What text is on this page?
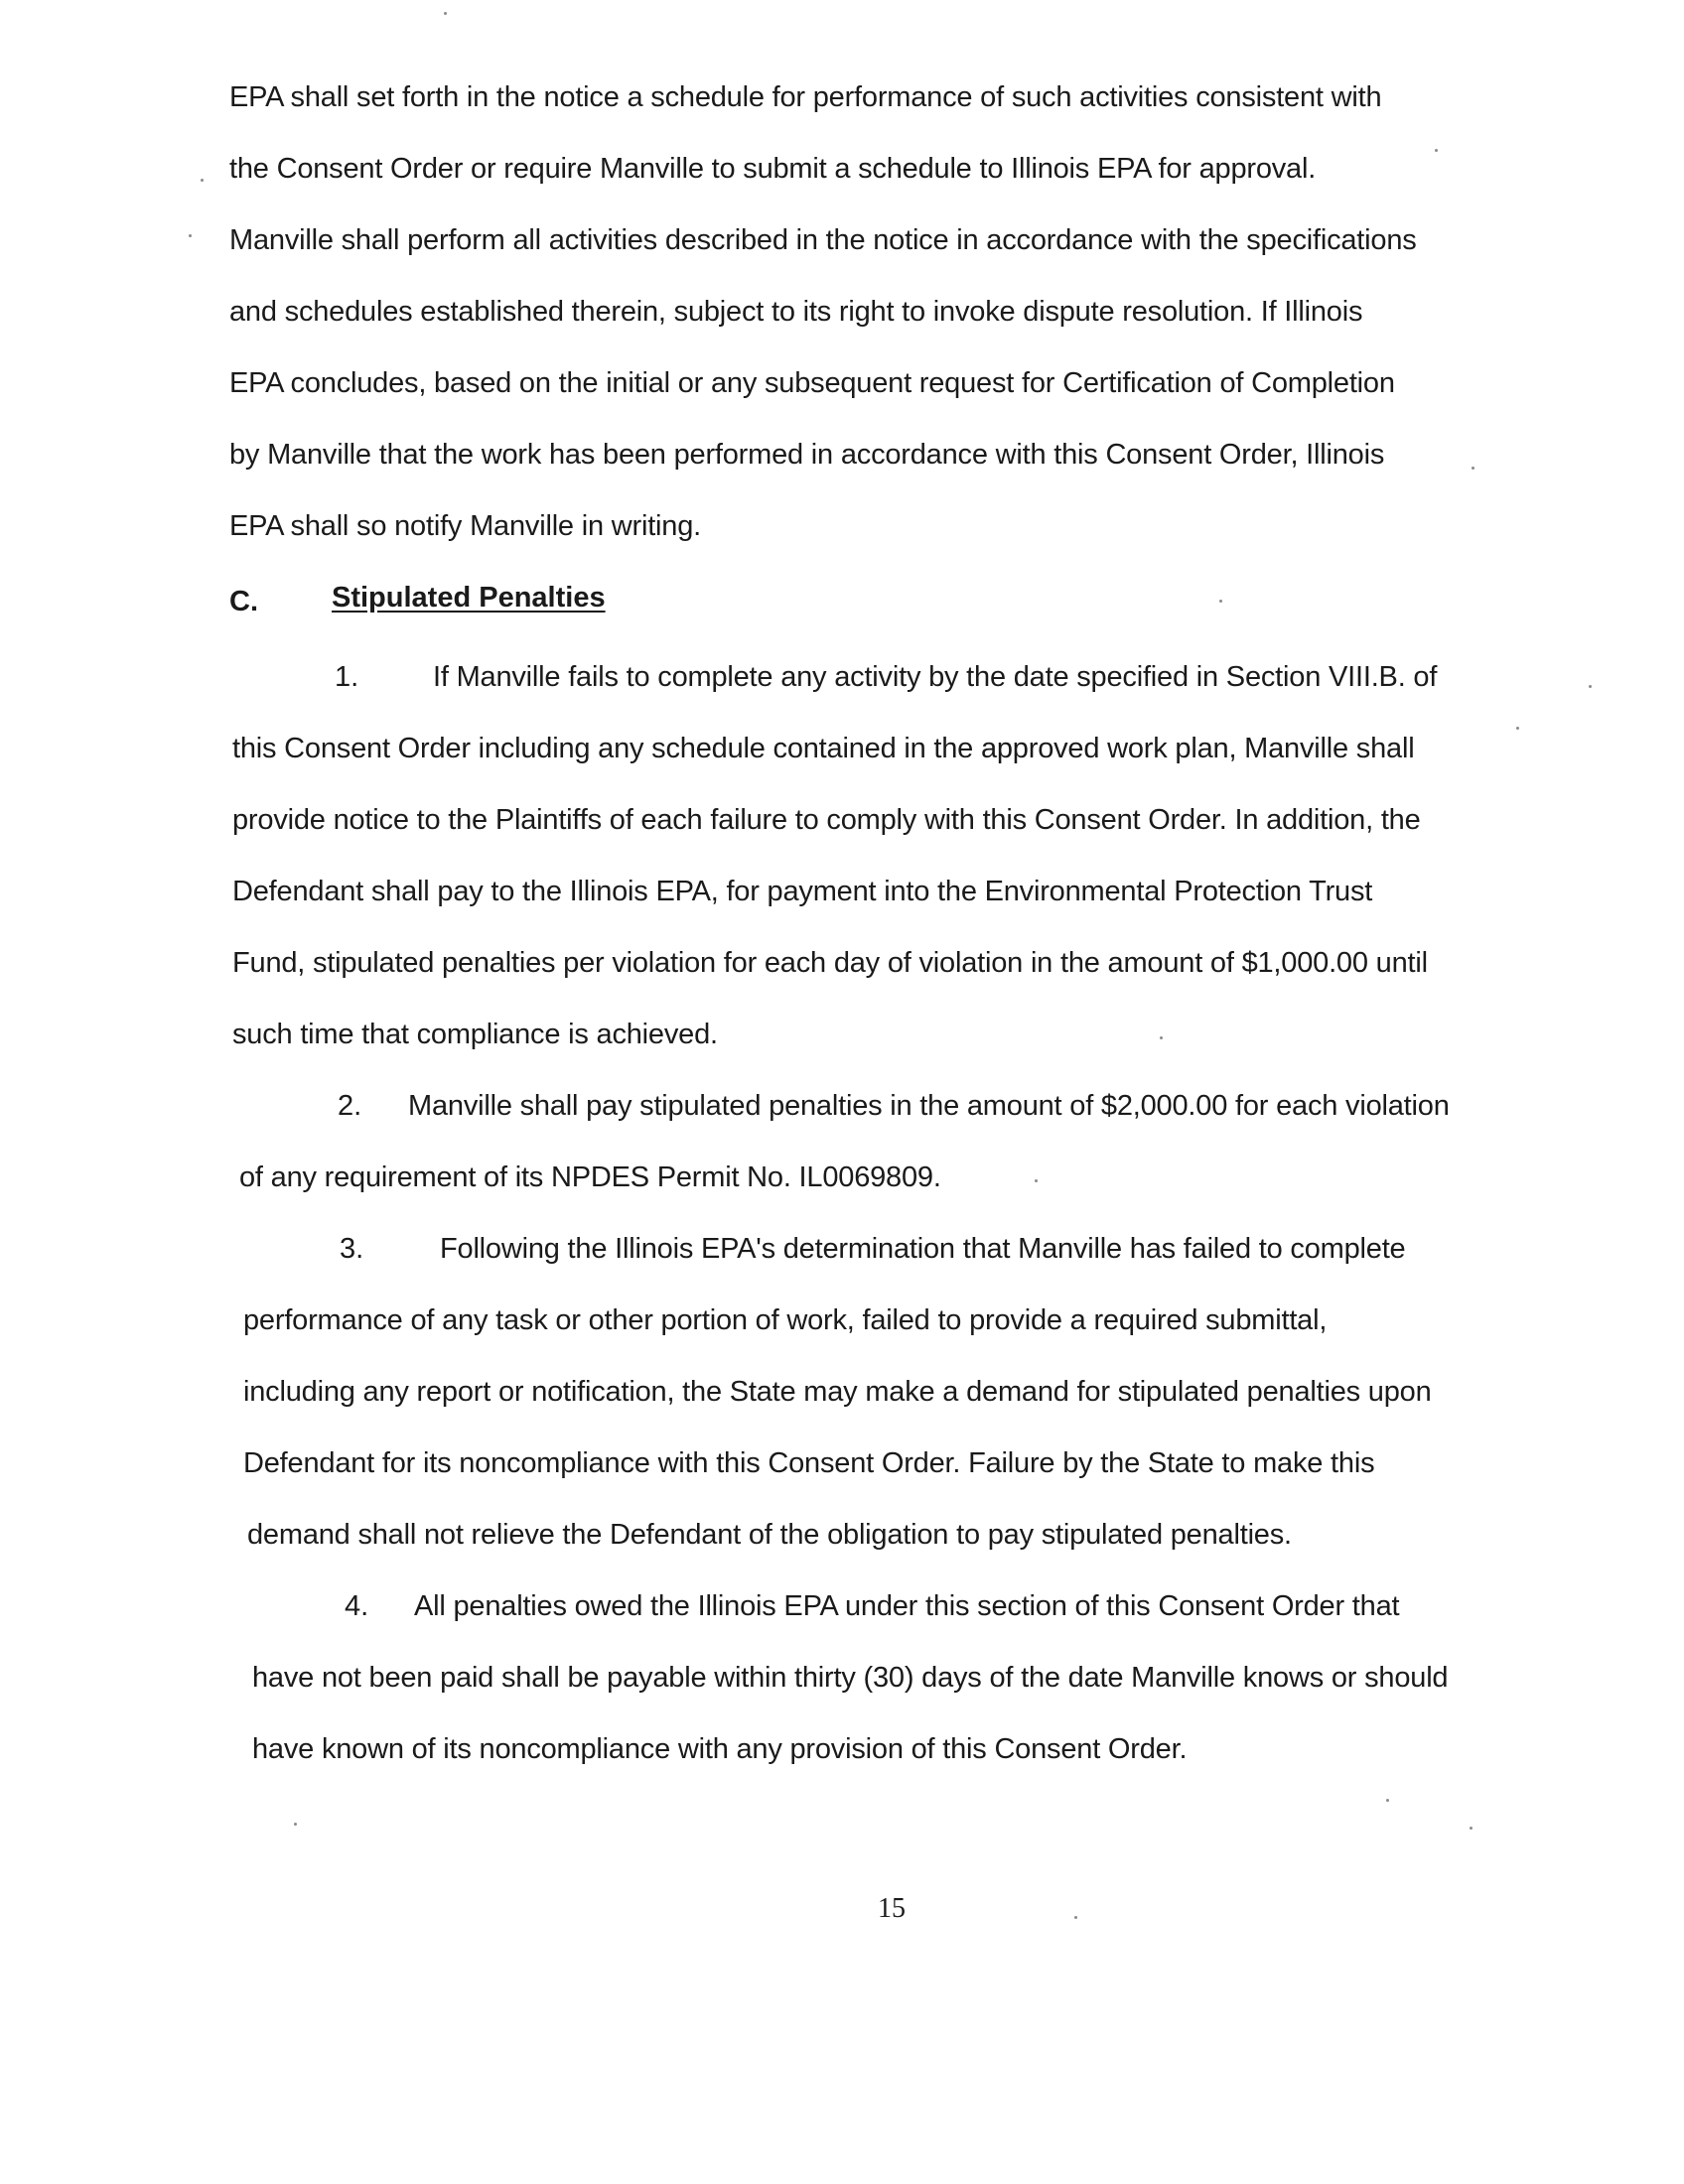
EPA shall set forth in the notice a schedule for performance of such activities consistent with
the Consent Order or require Manville to submit a schedule to Illinois EPA for approval.
Manville shall perform all activities described in the notice in accordance with the specifications
and schedules established therein, subject to its right to invoke dispute resolution. If Illinois
EPA concludes, based on the initial or any subsequent request for Certification of Completion
by Manville that the work has been performed in accordance with this Consent Order, Illinois
EPA shall so notify Manville in writing.
C.	Stipulated Penalties
1.	If Manville fails to complete any activity by the date specified in Section VIII.B. of
this Consent Order including any schedule contained in the approved work plan, Manville shall
provide notice to the Plaintiffs of each failure to comply with this Consent Order. In addition, the
Defendant shall pay to the Illinois EPA, for payment into the Environmental Protection Trust
Fund, stipulated penalties per violation for each day of violation in the amount of $1,000.00 until
such time that compliance is achieved.
2. Manville shall pay stipulated penalties in the amount of $2,000.00 for each violation
of any requirement of its NPDES Permit No. IL0069809.
3.	Following the Illinois EPA's determination that Manville has failed to complete
performance of any task or other portion of work, failed to provide a required submittal,
including any report or notification, the State may make a demand for stipulated penalties upon
Defendant for its noncompliance with this Consent Order. Failure by the State to make this
demand shall not relieve the Defendant of the obligation to pay stipulated penalties.
4. All penalties owed the Illinois EPA under this section of this Consent Order that
have not been paid shall be payable within thirty (30) days of the date Manville knows or should
have known of its noncompliance with any provision of this Consent Order.
15
